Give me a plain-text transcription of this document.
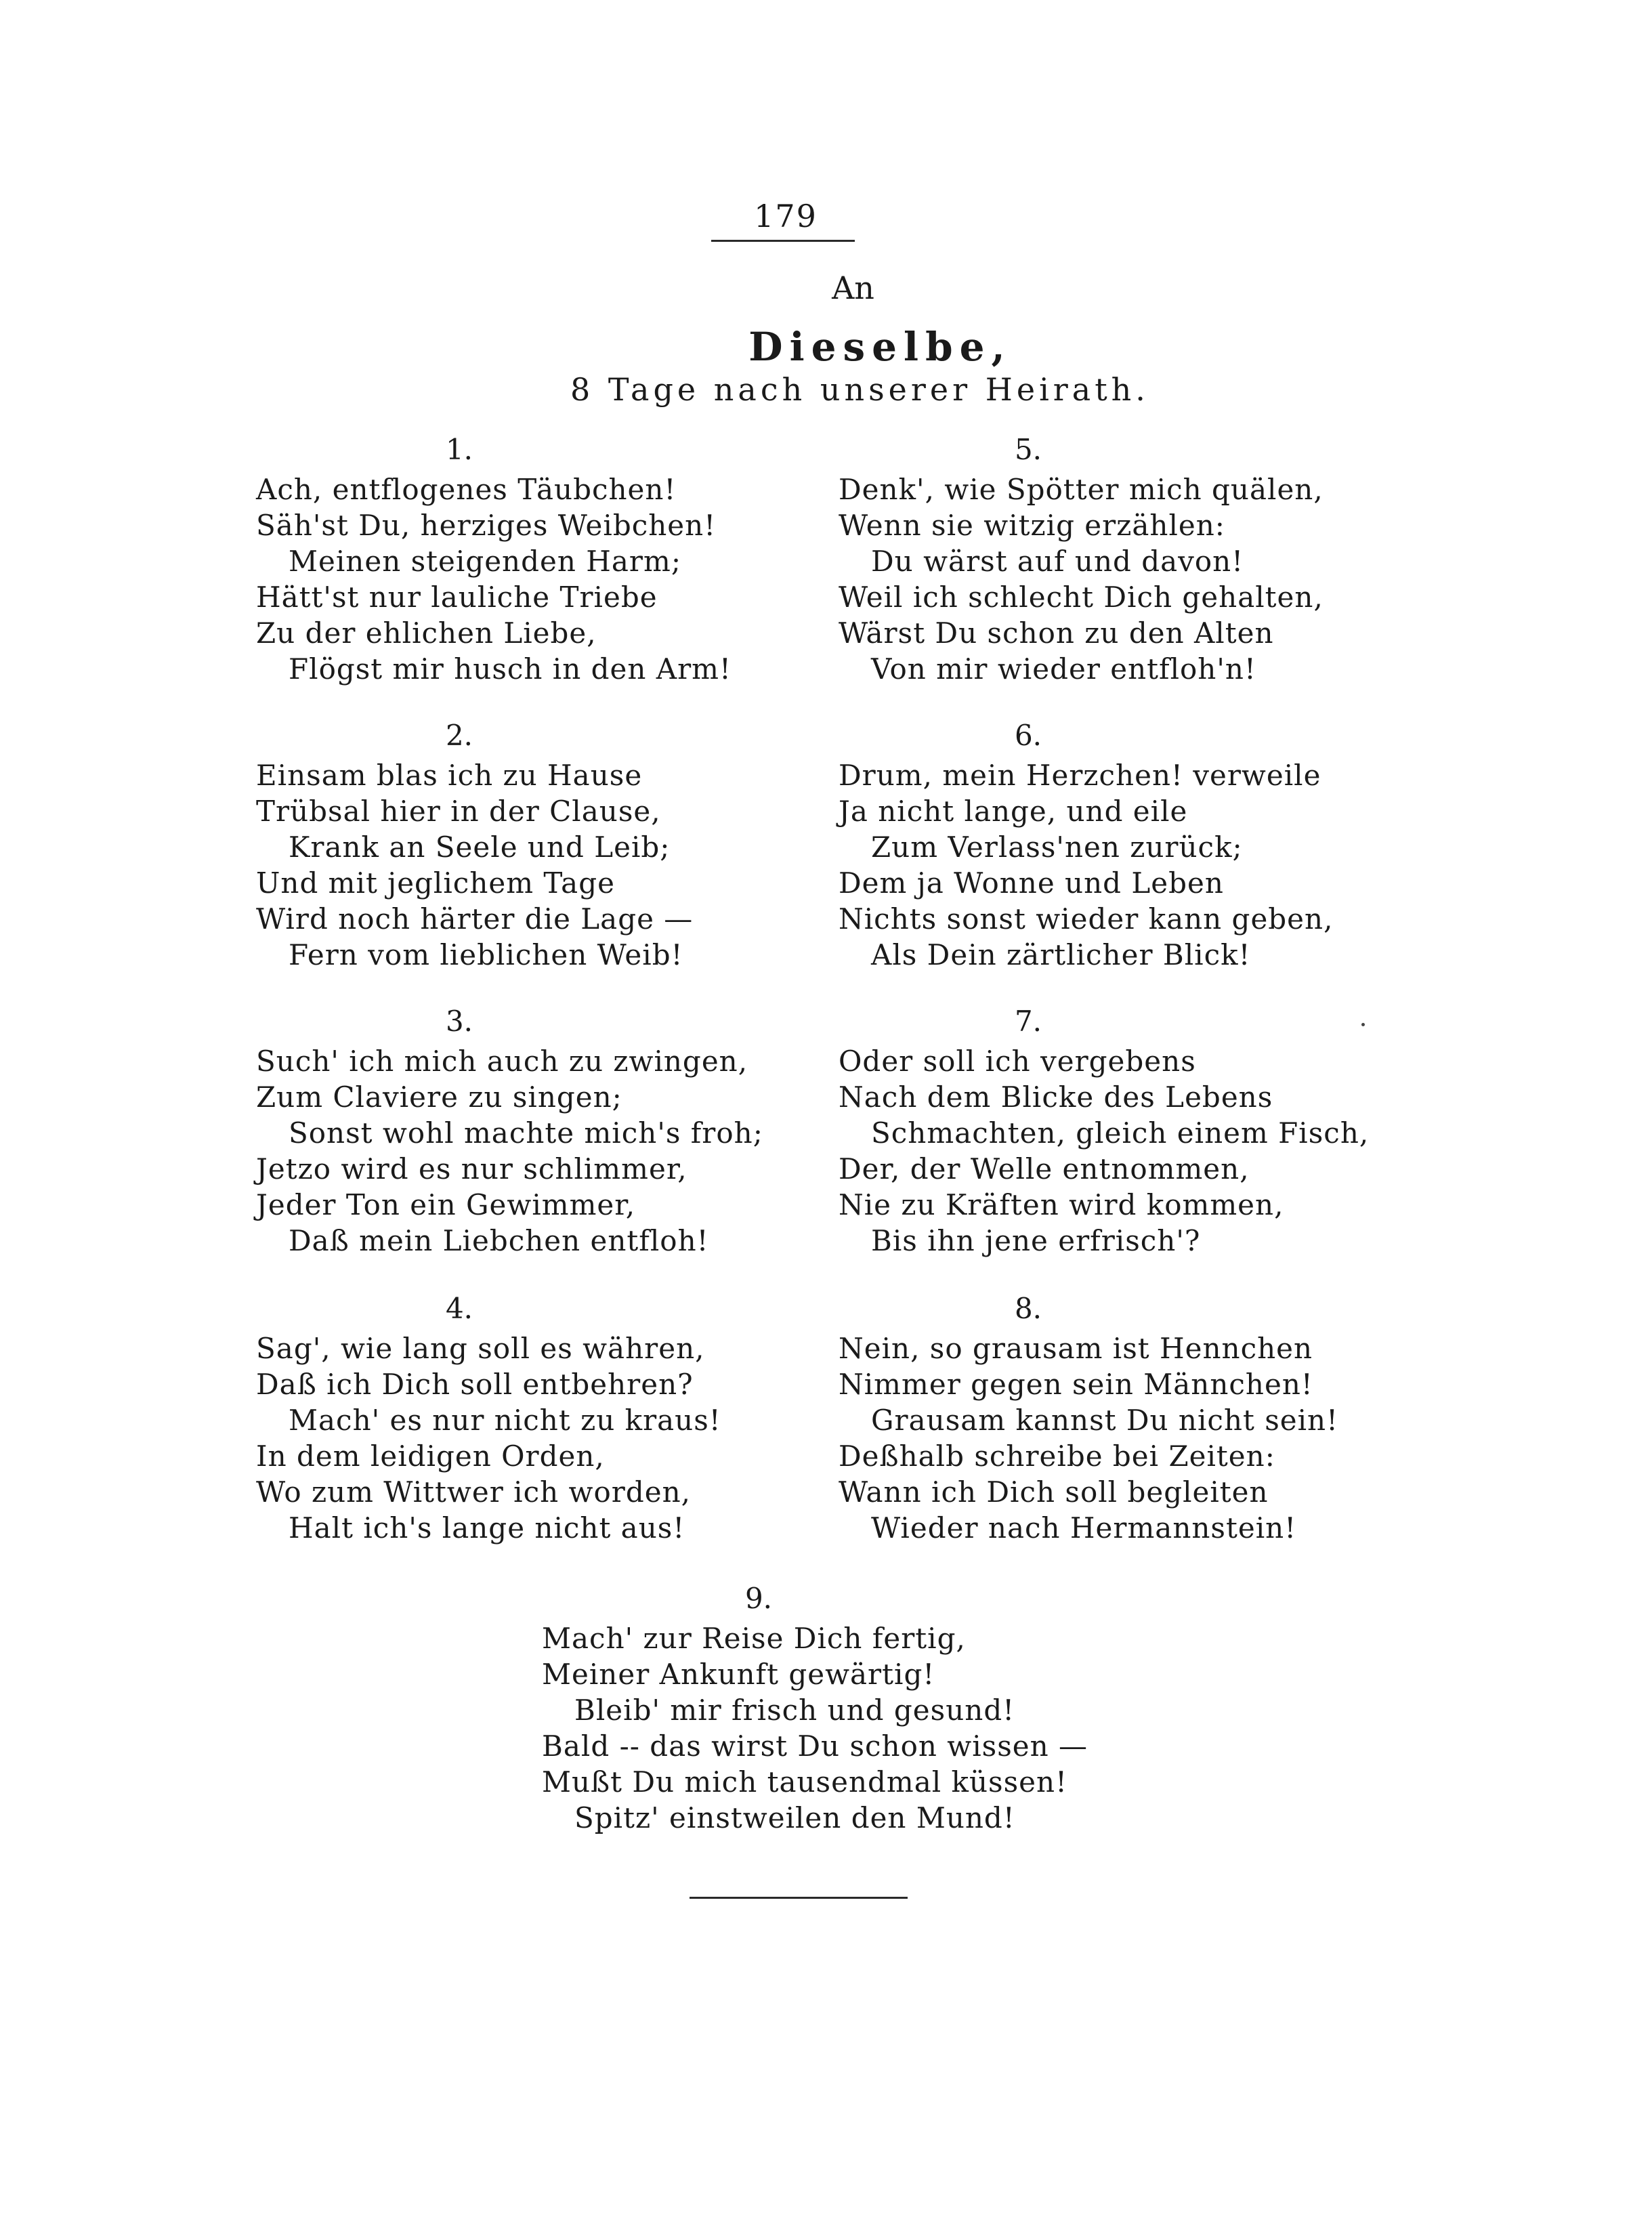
179
An
Dieselbe,
8 Tage nach unserer Heirath.
1.
Ach, entflogenes Täubchen!
Säh'st Du, herziges Weibchen!
Meinen steigenden Harm;
Hätt'st nur lauliche Triebe
Zu der ehlichen Liebe,
Flögst mir husch in den Arm!
2.
Einsam blas ich zu Hause
Trübsal hier in der Clause,
Krank an Seele und Leib;
Und mit jeglichem Tage
Wird noch härter die Lage —
Fern vom lieblichen Weib!
3.
Such' ich mich auch zu zwingen,
Zum Claviere zu singen;
Sonst wohl machte mich's froh;
Jetzo wird es nur schlimmer,
Jeder Ton ein Gewimmer,
Daß mein Liebchen entfloh!
4.
Sag', wie lang soll es währen,
Daß ich Dich soll entbehren?
Mach' es nur nicht zu kraus!
In dem leidigen Orden,
Wo zum Wittwer ich worden,
Halt ich's lange nicht aus!
5.
Denk', wie Spötter mich quälen,
Wenn sie witzig erzählen:
Du wärst auf und davon!
Weil ich schlecht Dich gehalten,
Wärst Du schon zu den Alten
Von mir wieder entfloh'n!
6.
Drum, mein Herzchen! verweile
Ja nicht lange, und eile
Zum Verlass'nen zurück;
Dem ja Wonne und Leben
Nichts sonst wieder kann geben,
Als Dein zärtlicher Blick!
7.
Oder soll ich vergebens
Nach dem Blicke des Lebens
Schmachten, gleich einem Fisch,
Der, der Welle entnommen,
Nie zu Kräften wird kommen,
Bis ihn jene erfrisch'?
8.
Nein, so grausam ist Hennchen
Nimmer gegen sein Männchen!
Grausam kannst Du nicht sein!
Deßhalb schreibe bei Zeiten:
Wann ich Dich soll begleiten
Wieder nach Hermannstein!
9.
Mach' zur Reise Dich fertig,
Meiner Ankunft gewärtig!
Bleib' mir frisch und gesund!
Bald -- das wirst Du schon wissen —
Mußt Du mich tausendmal küssen!
Spitz' einstweilen den Mund!
